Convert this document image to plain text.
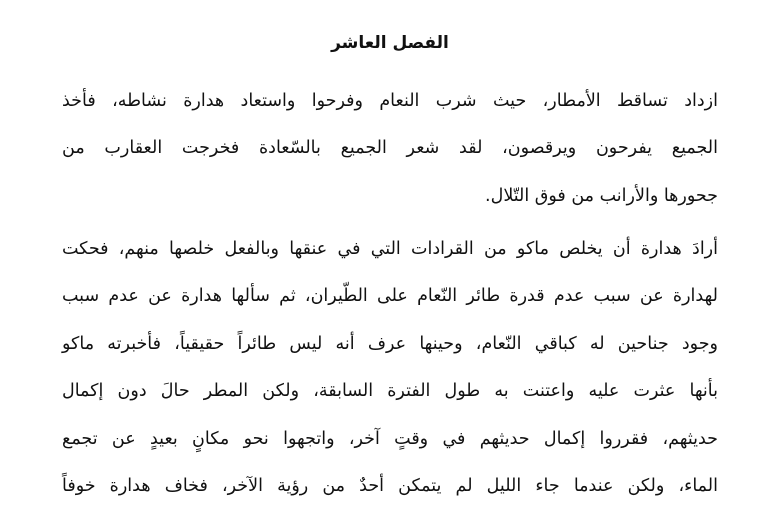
الفصل العاشر

ازداد تساقط الأمطار، حيث شرب النعام وفرحوا واستعاد هدارة نشاطه، فأخذ
الجميع يفرحون ويرقصون، لقد شعر الجميع بالسّعادة فخرجت العقارب من
جحورها والأرانب من فوق التّلال.

أرادَ هدارة أن يخلص ماكو من القرادات التي في عنقها وبالفعل خلصها منهم، فحكت
لهدارة عن سبب عدم قدرة طائر النّعام على الطّيران، ثم سألها هدارة عن عدم سبب
وجود جناحين له كباقي النّعام، وحينها عرف أنه ليس طائراً حقيقياً، فأخبرته ماكو
بأنها عثرت عليه واعتنت به طول الفترة السابقة، ولكن المطر حالَ دون إكمال
حديثهم، فقرروا إكمال حديثهم في وقتٍ آخر، واتجهوا نحو مكانٍ بعيدٍ عن تجمع
الماء، ولكن عندما جاء الليل لم يتمكن أحدٌ من رؤية الآخر، فخاف هدارة خوفاً
